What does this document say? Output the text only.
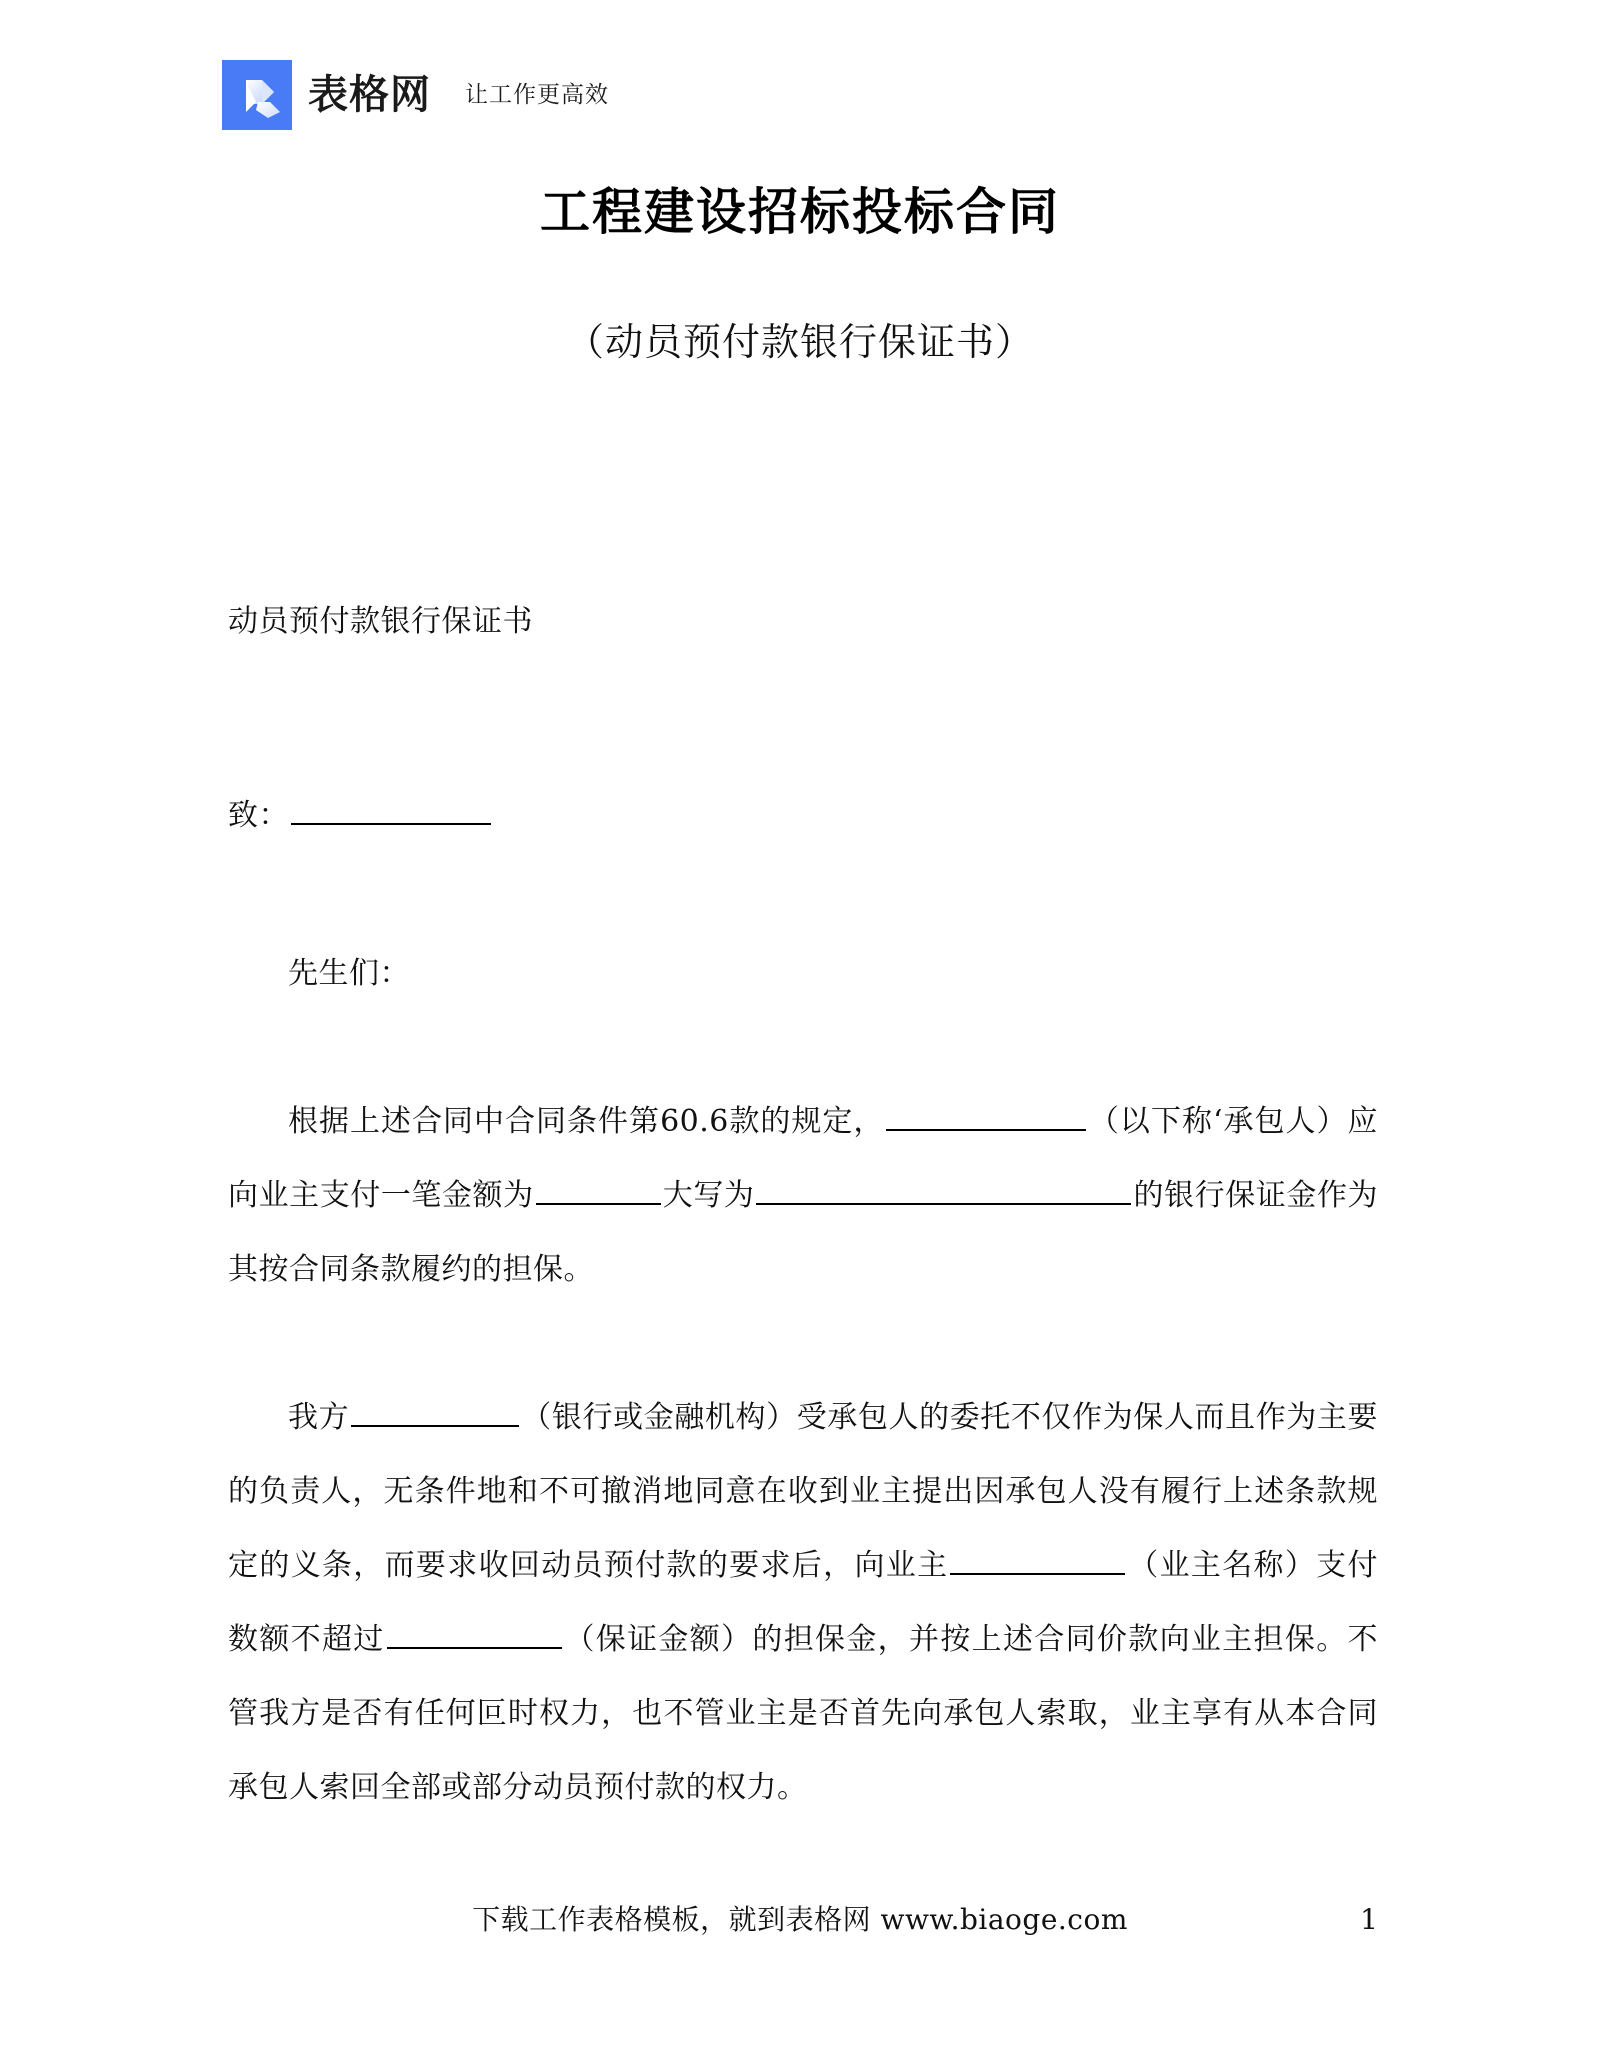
表格网 让工作更高效
工程建设招标投标合同
（动员预付款银行保证书）

动员预付款银行保证书

致：

先生们：

根据上述合同中合同条件第60.6款的规定，	（以下称‘承包人）应向业主支付一笔金额为	大写为	的银行保证金作为其按合同条款履约的担保。

我方	（银行或金融机构）受承包人的委托不仅作为保人而且作为主要的负责人，无条件地和不可撤消地同意在收到业主提出因承包人没有履行上述条款规定的义条，而要求收回动员预付款的要求后，向业主	（业主名称）支付数额不超过	（保证金额）的担保金，并按上述合同价款向业主担保。不管我方是否有任何叵时权力，也不管业主是否首先向承包人索取，业主享有从本合同承包人索回全部或部分动员预付款的权力。

下载工作表格模板，就到表格网 www.biaoge.com	1
